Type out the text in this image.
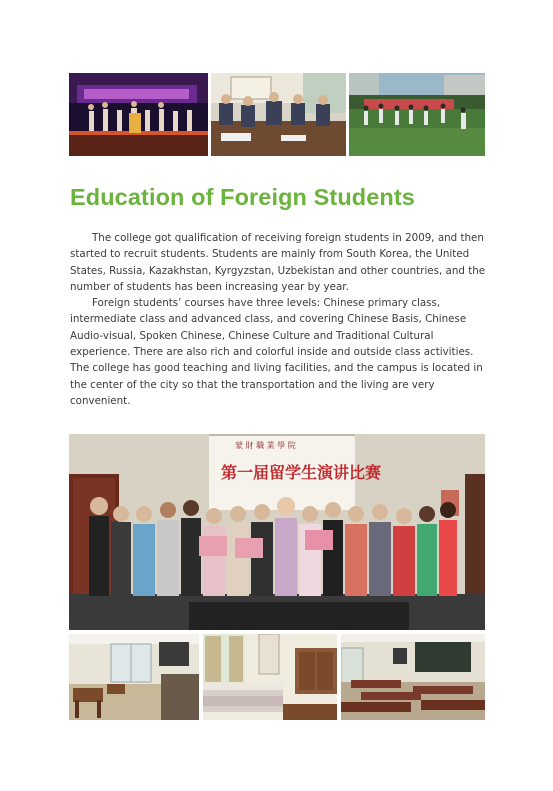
Education of Foreign Students

The college got qualification of receiving foreign students in 2009, and then started to recruit students. Students are mainly from South Korea, the United States, Russia, Kazakhstan, Kyrgyzstan, Uzbekistan and other countries, and the number of students has been increasing year by year.

Foreign students’ courses have three levels: Chinese primary class, intermediate class and advanced class, and covering Chinese Basis, Chinese Audio-visual, Spoken Chinese, Chinese Culture and Traditional Cultural experience. There are also rich and colorful inside and outside class activities. The college has good teaching and living facilities, and the campus is located in the center of the city so that the transportation and the living are very convenient.

蒙 財 職 業 學 院
第一届留学生演讲比赛
